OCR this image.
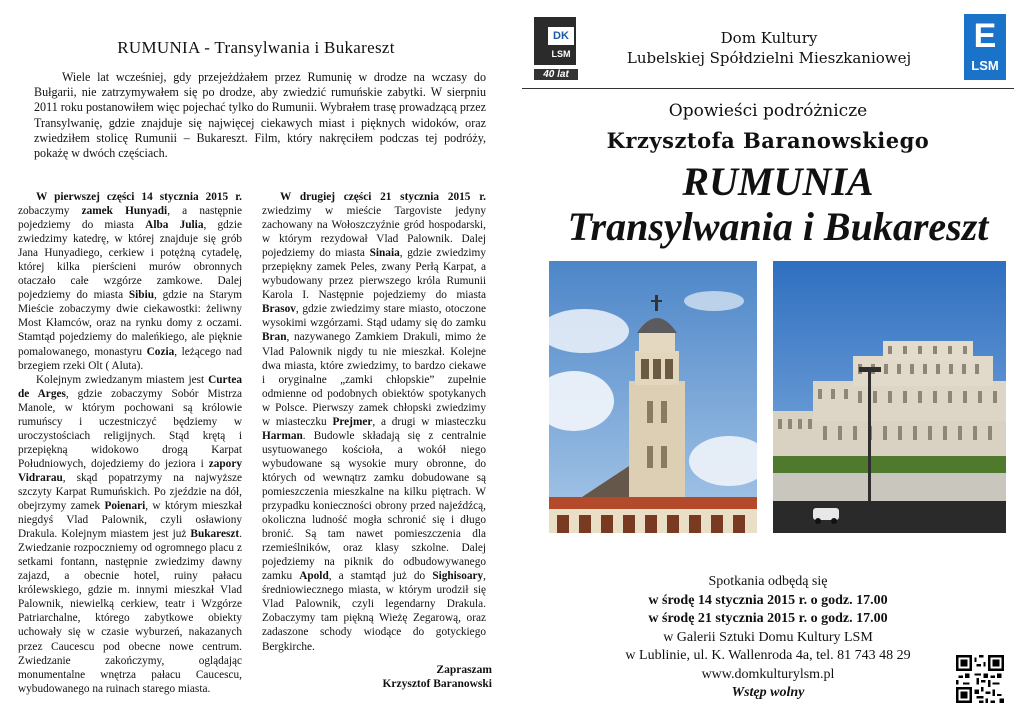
RUMUNIA - Transylwania i Bukareszt

Wiele lat wcześniej, gdy przejeżdżałem przez Rumunię w drodze na wczasy do Bułgarii, nie zatrzymywałem się po drodze, aby zwiedzić rumuńskie zabytki. W sierpniu 2011 roku postanowiłem więc pojechać tylko do Rumunii. Wybrałem trasę prowadzącą przez Transylwanię, gdzie znajduje się najwięcej ciekawych miast i pięknych widoków, oraz zwiedziłem stolicę Rumunii – Bukareszt. Film, który nakręciłem podczas tej podróży, pokażę w dwóch częściach.

W pierwszej części 14 stycznia 2015 r. zobaczymy zamek Hunyadi, a następnie pojedziemy do miasta Alba Julia, gdzie zwiedzimy katedrę, w której znajduje się grób Jana Hunyadiego, cerkiew i potężną cytadelę, której kilka pierścieni murów obronnych otaczało całe wzgórze zamkowe. Dalej pojedziemy do miasta Sibiu, gdzie na Starym Mieście zobaczymy dwie ciekawostki: żeliwny Most Kłamców, oraz na rynku domy z oczami. Stamtąd pojedziemy do maleńkiego, ale pięknie pomalowanego, monastyru Cozia, leżącego nad brzegiem rzeki Olt ( Aluta).

Kolejnym zwiedzanym miastem jest Curtea de Arges, gdzie zobaczymy Sobór Mistrza Manole, w którym pochowani są królowie rumuńscy i uczestniczyć będziemy w uroczystościach religijnych. Stąd krętą i przepiękną widokowo drogą Karpat Południowych, dojedziemy do jeziora i zapory Vidrarau, skąd popatrzymy na najwyższe szczyty Karpat Rumuńskich. Po zjeździe na dół, obejrzymy zamek Poienari, w którym mieszkał niegdyś Vlad Palownik, czyli osławiony Drakula. Kolejnym miastem jest już Bukareszt. Zwiedzanie rozpoczniemy od ogromnego placu z setkami fontann, następnie zwiedzimy dawny zajazd, a obecnie hotel, ruiny pałacu królewskiego, gdzie m. innymi mieszkał Vlad Palownik, niewielką cerkiew, teatr i Wzgórze Patriarchalne, którego zabytkowe obiekty uchowały się w czasie wyburzeń, nakazanych przez Caucescu pod obecne nowe centrum. Zwiedzanie zakończymy, oglądając monumentalne wnętrza pałacu Caucescu, wybudowanego na ruinach starego miasta.

W drugiej części 21 stycznia 2015 r. zwiedzimy w mieście Targoviste jedyny zachowany na Wołoszczyźnie gród hospodarski, w którym rezydował Vlad Palownik. Dalej pojedziemy do miasta Sinaia, gdzie zwiedzimy przepiękny zamek Peles, zwany Perłą Karpat, a wybudowany przez pierwszego króla Rumunii Karola I. Następnie pojedziemy do miasta Brasov, gdzie zwiedzimy stare miasto, otoczone wysokimi wzgórzami. Stąd udamy się do zamku Bran, nazywanego Zamkiem Drakuli, mimo że Vlad Palownik nigdy tu nie mieszkał. Kolejne dwa miasta, które zwiedzimy, to bardzo ciekawe i oryginalne „zamki chłopskie” zupełnie odmienne od podobnych obiektów spotykanych w Polsce. Pierwszy zamek chłopski zwiedzimy w miasteczku Prejmer, a drugi w miasteczku Harman. Budowle składają się z centralnie usytuowanego kościoła, a wokół niego wybudowane są wysokie mury obronne, do których od wewnątrz zamku dobudowane są pomieszczenia mieszkalne na kilku piętrach. W przypadku konieczności obrony przed najeźdźcą, okoliczna ludność mogła schronić się i długo bronić. Są tam nawet pomieszczenia dla rzemieślników, oraz klasy szkolne. Dalej pojedziemy na piknik do odbudowywanego zamku Apold, a stamtąd już do Sighisoary, średniowiecznego miasta, w którym urodził się Vlad Palownik, czyli legendarny Drakula. Zobaczymy tam piękną Wieżę Zegarową, oraz zadaszone schody wiodące do gotyckiego Bergkirche.

Zapraszam
Krzysztof Baranowski
DK
LSM
40 lat
Dom Kultury
Lubelskiej Spółdzielni Mieszkaniowej
E
LSM
Opowieści podróżnicze
Krzysztofa Baranowskiego
RUMUNIA
Transylwania i Bukareszt
Spotkania odbędą się
w środę 14 stycznia 2015 r. o godz. 17.00
w środę 21 stycznia 2015 r. o godz. 17.00
w Galerii Sztuki Domu Kultury LSM
w Lublinie, ul. K. Wallenroda 4a, tel. 81 743 48 29
www.domkulturylsm.pl
Wstęp wolny
